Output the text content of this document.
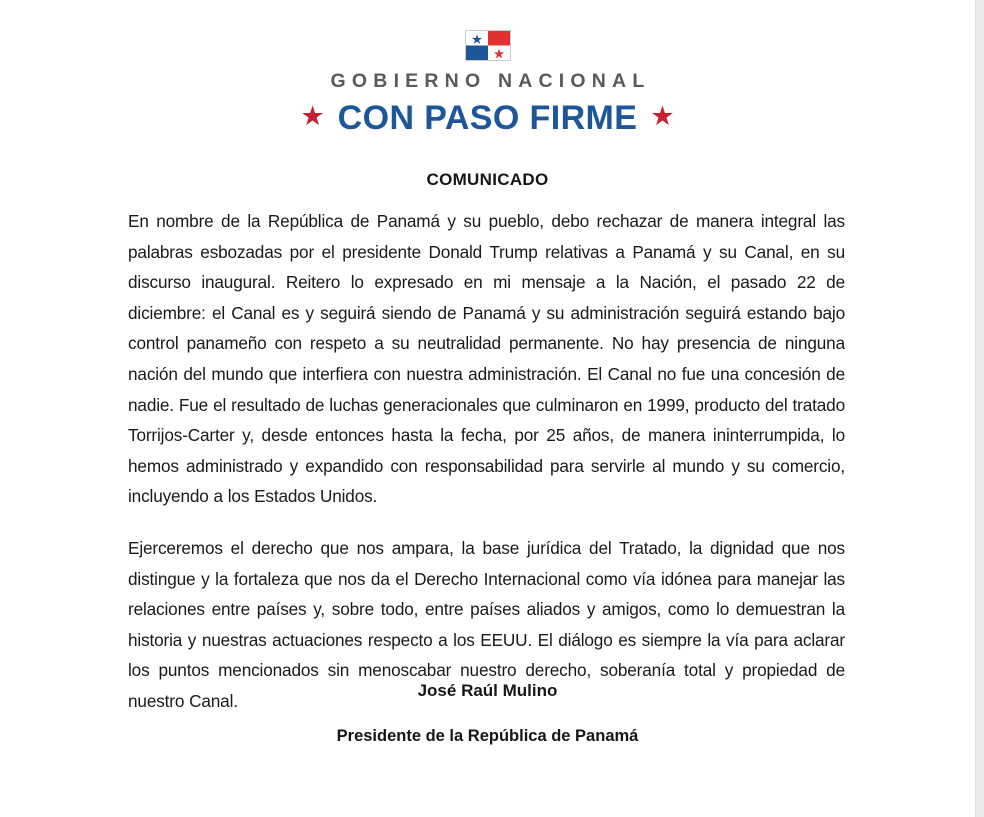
GOBIERNO NACIONAL
★ CON PASO FIRME ★
COMUNICADO

En nombre de la República de Panamá y su pueblo, debo rechazar de manera integral las palabras esbozadas por el presidente Donald Trump relativas a Panamá y su Canal, en su discurso inaugural. Reitero lo expresado en mi mensaje a la Nación, el pasado 22 de diciembre: el Canal es y seguirá siendo de Panamá y su administración seguirá estando bajo control panameño con respeto a su neutralidad permanente. No hay presencia de ninguna nación del mundo que interfiera con nuestra administración. El Canal no fue una concesión de nadie. Fue el resultado de luchas generacionales que culminaron en 1999, producto del tratado Torrijos-Carter y, desde entonces hasta la fecha, por 25 años, de manera ininterrumpida, lo hemos administrado y expandido con responsabilidad para servirle al mundo y su comercio, incluyendo a los Estados Unidos.

Ejerceremos el derecho que nos ampara, la base jurídica del Tratado, la dignidad que nos distingue y la fortaleza que nos da el Derecho Internacional como vía idónea para manejar las relaciones entre países y, sobre todo, entre países aliados y amigos, como lo demuestran la historia y nuestras actuaciones respecto a los EEUU. El diálogo es siempre la vía para aclarar los puntos mencionados sin menoscabar nuestro derecho, soberanía total y propiedad de nuestro Canal.

José Raúl Mulino
Presidente de la República de Panamá
